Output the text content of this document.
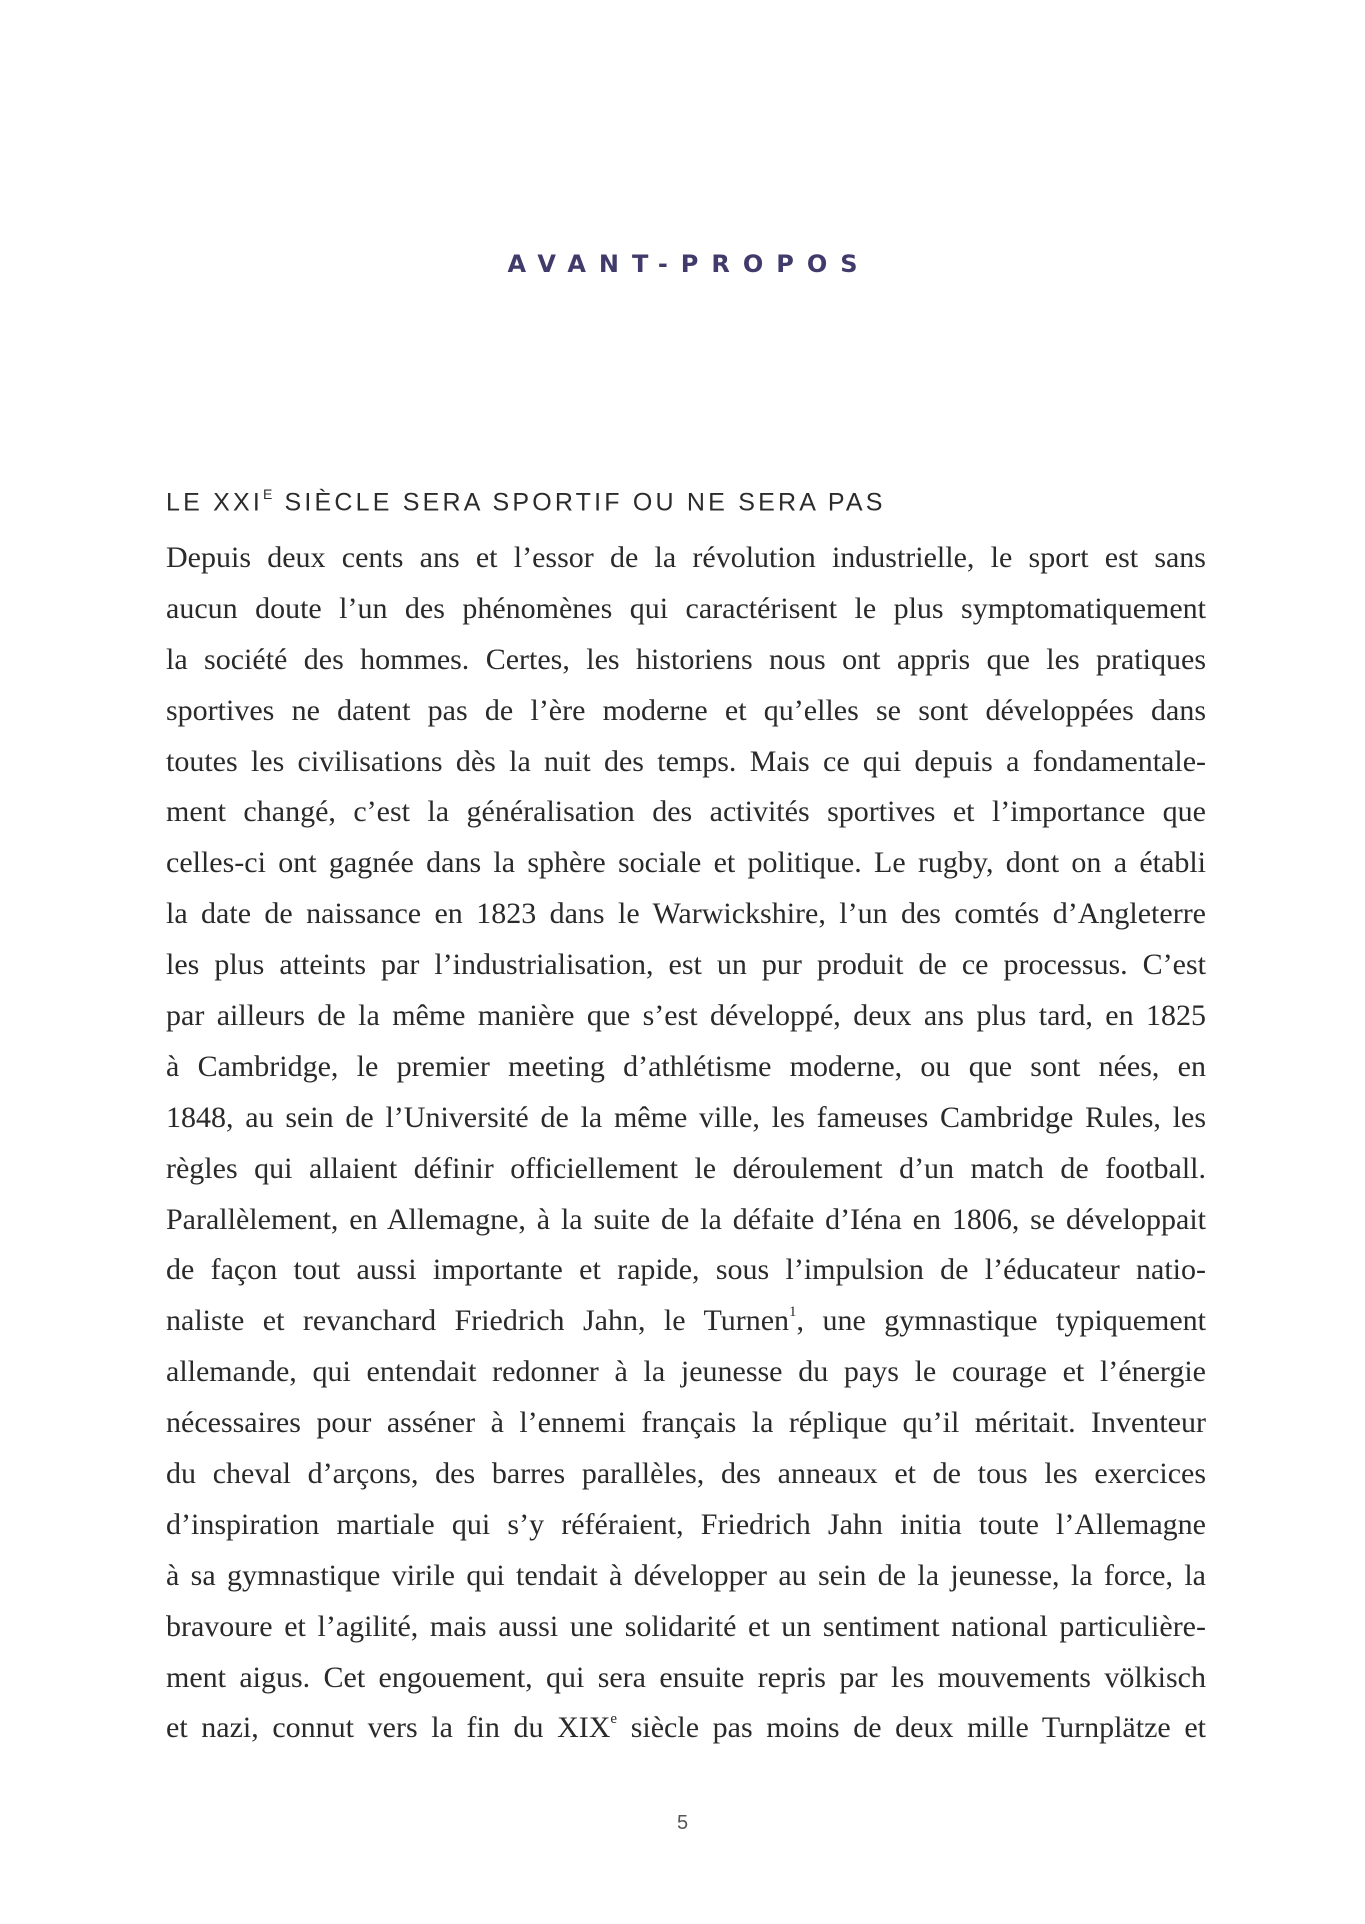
AVANT-PROPOS
LE $XXI^E$ SIÈCLE SERA SPORTIF OU NE SERA PAS
Depuis deux cents ans et l’essor de la révolution industrielle, le sport est sans
aucun doute l’un des phénomènes qui caractérisent le plus symptomatiquement
la société des hommes. Certes, les historiens nous ont appris que les pratiques
sportives ne datent pas de l’ère moderne et qu’elles se sont développées dans
toutes les civilisations dès la nuit des temps. Mais ce qui depuis a fondamentale-
ment changé, c’est la généralisation des activités sportives et l’importance que
celles-ci ont gagnée dans la sphère sociale et politique. Le rugby, dont on a établi
la date de naissance en 1823 dans le Warwickshire, l’un des comtés d’Angleterre
les plus atteints par l’industrialisation, est un pur produit de ce processus. C’est
par ailleurs de la même manière que s’est développé, deux ans plus tard, en 1825
à Cambridge, le premier meeting d’athlétisme moderne, ou que sont nées, en
1848, au sein de l’Université de la même ville, les fameuses Cambridge Rules, les
règles qui allaient définir officiellement le déroulement d’un match de football.
Parallèlement, en Allemagne, à la suite de la défaite d’Iéna en 1806, se développait
de façon tout aussi importante et rapide, sous l’impulsion de l’éducateur natio-
naliste et revanchard Friedrich Jahn, le Turnen$^1$, une gymnastique typiquement
allemande, qui entendait redonner à la jeunesse du pays le courage et l’énergie
nécessaires pour asséner à l’ennemi français la réplique qu’il méritait. Inventeur
du cheval d’arçons, des barres parallèles, des anneaux et de tous les exercices
d’inspiration martiale qui s’y référaient, Friedrich Jahn initia toute l’Allemagne
à sa gymnastique virile qui tendait à développer au sein de la jeunesse, la force, la
bravoure et l’agilité, mais aussi une solidarité et un sentiment national particulière-
ment aigus. Cet engouement, qui sera ensuite repris par les mouvements völkisch
et nazi, connut vers la fin du XIXe siècle pas moins de deux mille Turnplätze et
5
